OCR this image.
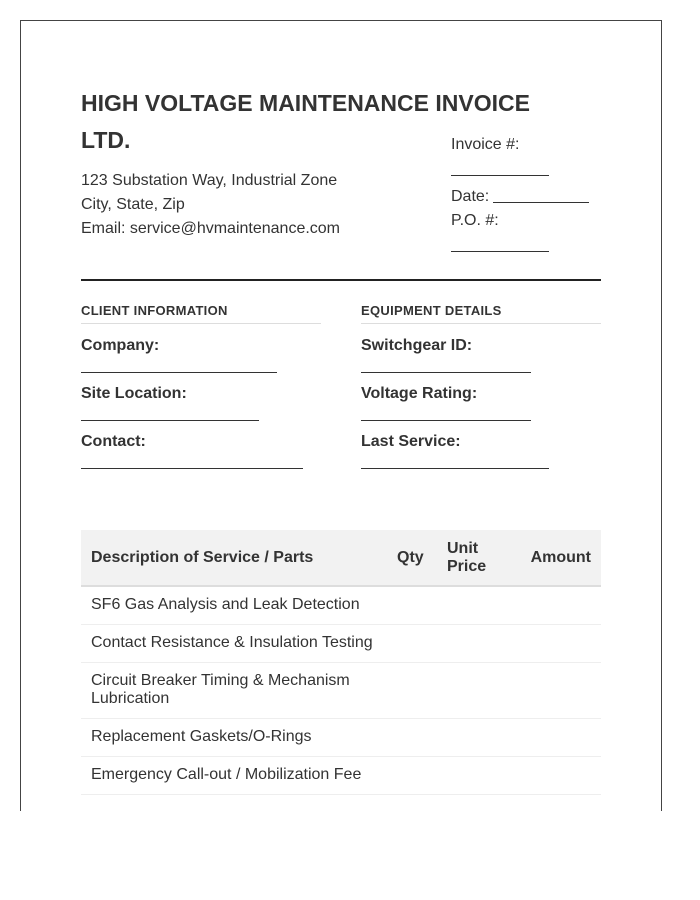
HIGH VOLTAGE MAINTENANCE INVOICE LTD.
123 Substation Way, Industrial Zone
City, State, Zip
Email: service@hvmaintenance.com
Invoice #:
Date:
P.O. #:
CLIENT INFORMATION
Company:
Site Location:
Contact:
EQUIPMENT DETAILS
Switchgear ID:
Voltage Rating:
Last Service:
Description of Service / Parts	Qty	Unit Price	Amount
SF6 Gas Analysis and Leak Detection			
Contact Resistance & Insulation Testing			
Circuit Breaker Timing & Mechanism Lubrication			
Replacement Gaskets/O-Rings			
Emergency Call-out / Mobilization Fee			
